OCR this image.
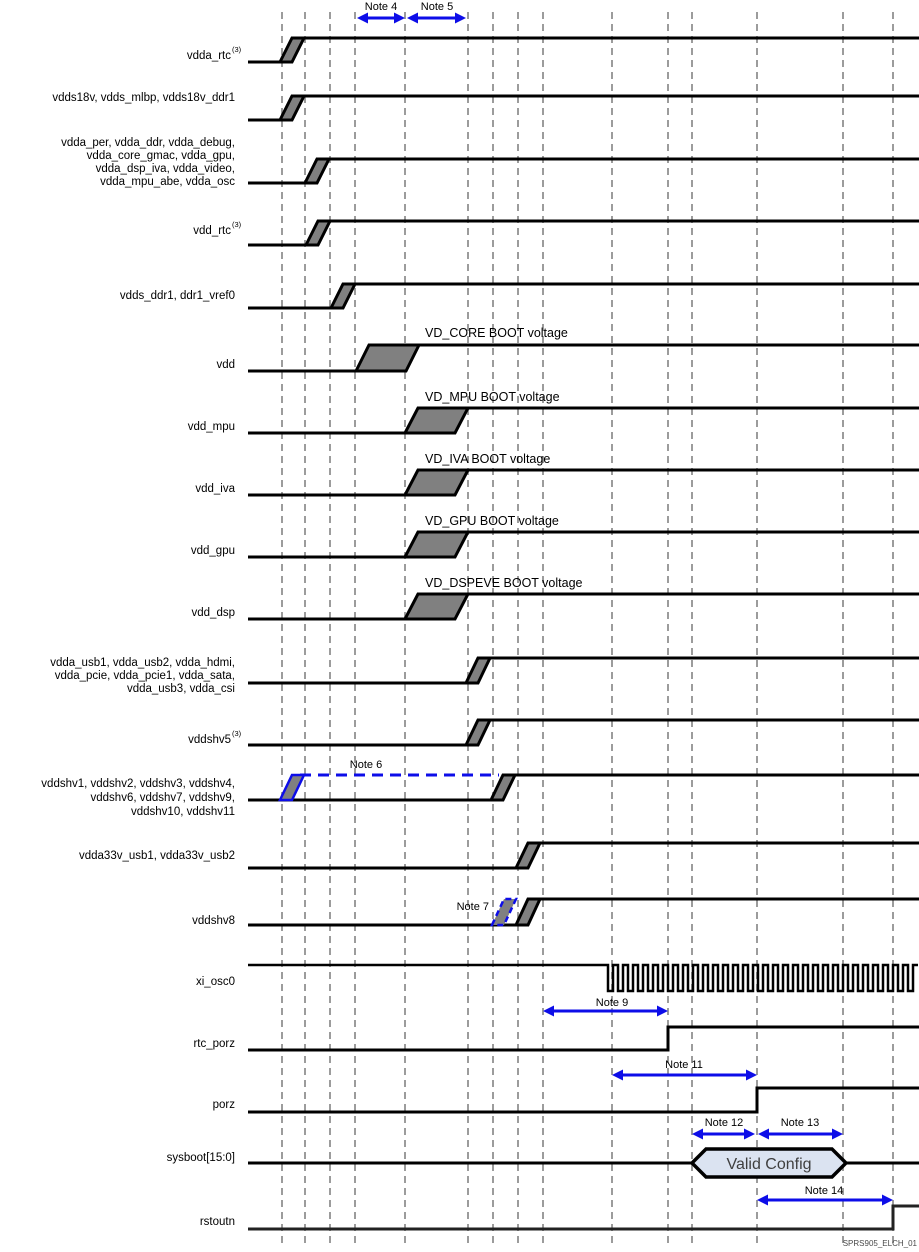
Note 4 Note 5
vdda_rtc
(3)
vdds18v, vdds_mlbp, vdds18v_ddr1
vdda_per, vdda_ddr, vdda_debug,
vdda_core_gmac, vdda_gpu,
vdda_dsp_iva, vdda_video,
vdda_mpu_abe, vdda_osc
vdd_rtc
(3)
vdds_ddr1, ddr1_vref0
vdd
VD_CORE BOOT voltage
vdd_mpu
VD_MPU BOOT voltage
vdd_iva
VD_IVA BOOT voltage
vdd_gpu
VD_GPU BOOT voltage
vdd_dsp
VD_DSPEVE BOOT voltage
vdda_usb1, vdda_usb2, vdda_hdmi,
vdda_pcie, vdda_pcie1, vdda_sata,
vdda_usb3, vdda_csi
vddshv5
(3)
vddshv1, vddshv2, vddshv3, vddshv4,
vddshv6, vddshv7, vddshv9,
vddshv10, vddshv11
Note 6
vdda33v_usb1, vdda33v_usb2
vddshv8
Note 7
xi_osc0
Note 9
rtc_porz
Note 11
porz
Note 12	Note 13
sysboot[15:0]	Valid Config
Note 14
rstoutn
SPRS905_ELCH_01
